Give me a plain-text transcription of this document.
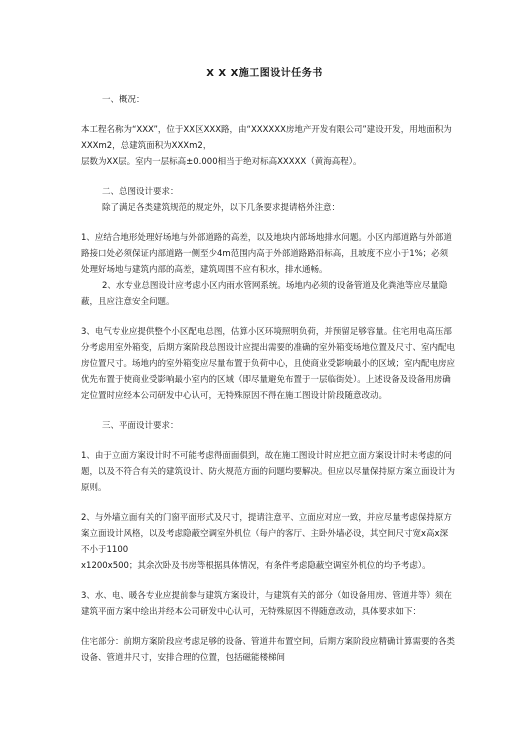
X X X施工图设计任务书

一、概况：

本工程名称为“XXX”，位于XX区XXX路，由“XXXXXX房地产开发有限公司”建设开发，用地面积为XXXm2，总建筑面积为XXXm2，

层数为XX层。室内一层标高±0.000相当于绝对标高XXXXX（黄海高程）。

二、总图设计要求：

除了满足各类建筑规范的规定外，以下几条要求提请格外注意：

1、应结合地形处理好场地与外部道路的高差，以及地块内部场地排水问题。小区内部道路与外部道路接口处必须保证内部道路一侧至少4m范围内高于外部道路路沿标高，且坡度不应小于1%；必须处理好场地与建筑内部的高差，建筑周围不应有积水，排水通畅。

2、水专业总图设计应考虑小区内雨水管网系统。场地内必须的设备管道及化粪池等应尽量隐蔽，且应注意安全问题。

3、电气专业应提供整个小区配电总图，估算小区环境照明负荷，并预留足够容量。住宅用电高压部分考虑用室外箱变，后期方案阶段总图设计应提出需要的准确的室外箱变场地位置及尺寸、室内配电房位置尺寸。场地内的室外箱变应尽量布置于负荷中心，且使商业受影响最小的区域；室内配电房应优先布置于使商业受影响最小室内的区域（即尽量避免布置于一层临街处）。上述设备及设备用房确定位置时应经本公司研发中心认可，无特殊原因不得在施工图设计阶段随意改动。

三、平面设计要求：

1、由于立面方案设计时不可能考虑得面面俱到，故在施工图设计时应把立面方案设计时未考虑的问题，以及不符合有关的建筑设计、防火规范方面的问题均要解决。但应以尽量保持原方案立面设计为原则。

2、与外墙立面有关的门窗平面形式及尺寸，提请注意平、立面应对应一致，并应尽量考虑保持原方案立面设计风格，以及考虑隐蔽空调室外机位（每户的客厅、主卧外墙必设，其空间尺寸宽x高x深不小于1100

x1200x500；其余次卧及书房等根据具体情况，有条件考虑隐蔽空调室外机位的均予考虑）。

3、水、电、暖各专业应提前参与建筑方案设计，与建筑有关的部分（如设备用房、管道井等）须在建筑平面方案中绘出并经本公司研发中心认可，无特殊原因不得随意改动，具体要求如下：

住宅部分：前期方案阶段应考虑足够的设备、管道井布置空间，后期方案阶段应精确计算需要的各类设备、管道井尺寸，安排合理的位置，包括磁能楼梯间
